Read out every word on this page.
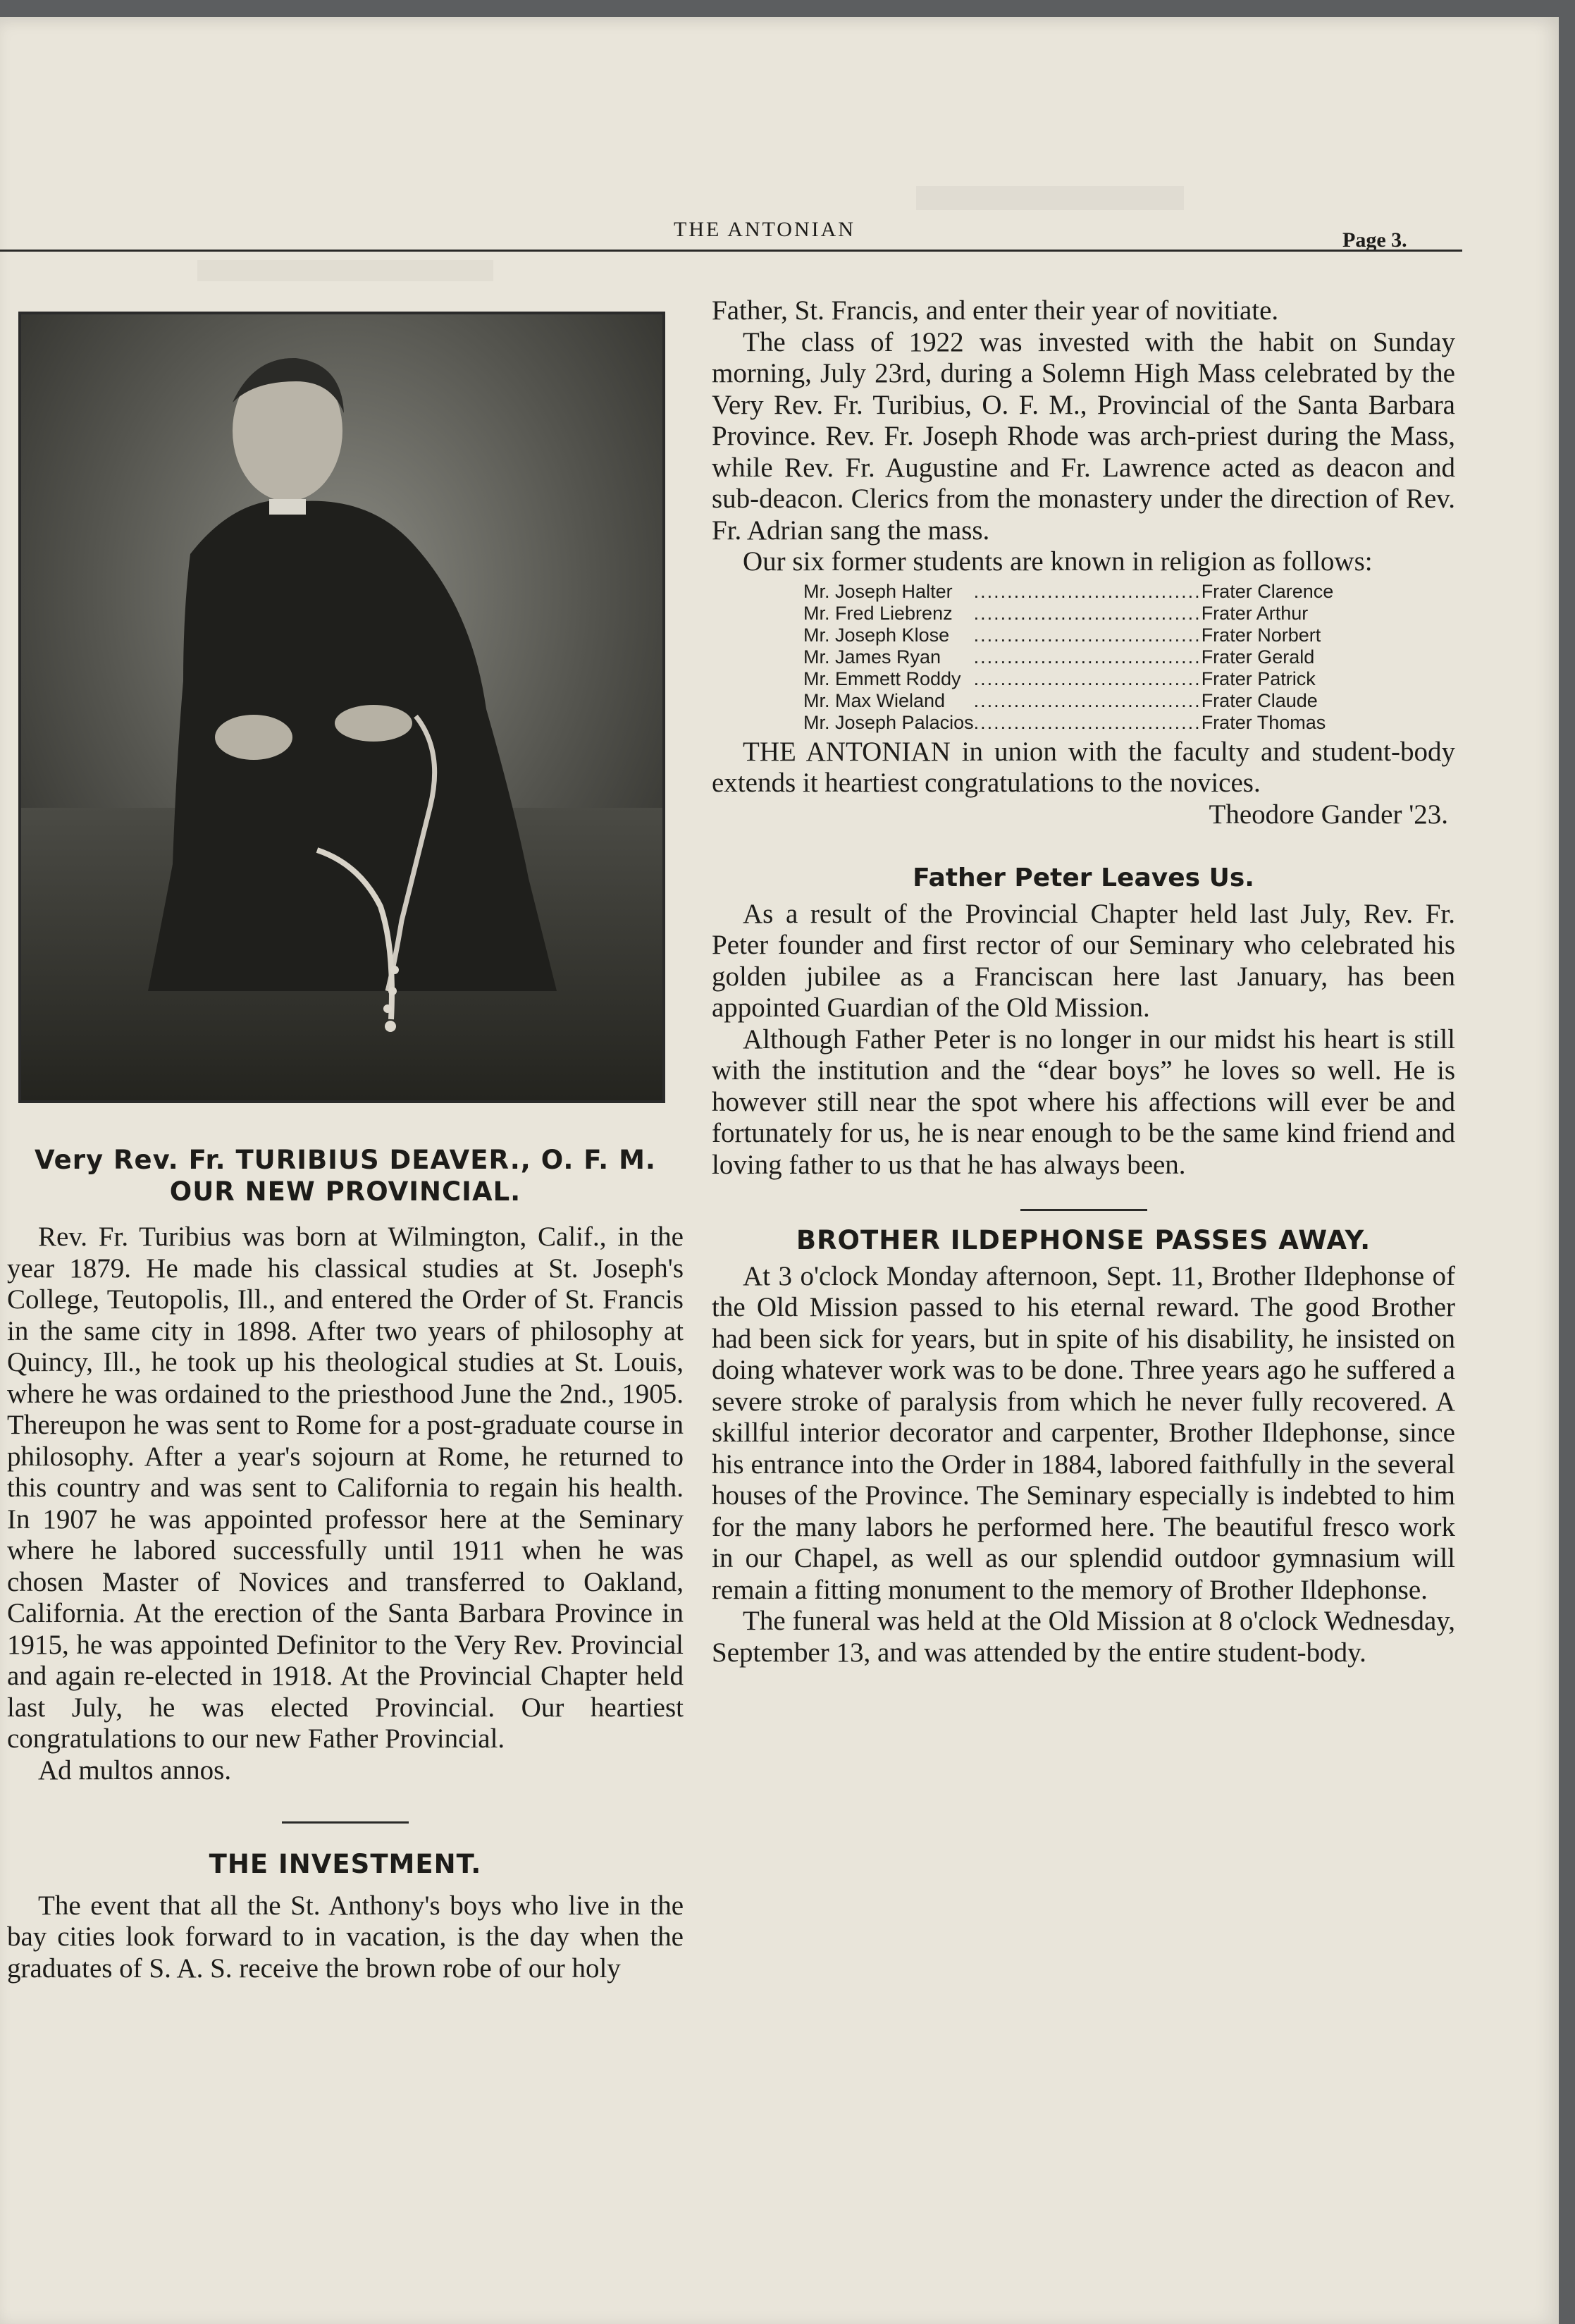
THE ANTONIAN	Page 3.
Very Rev. Fr. TURIBIUS DEAVER., O. F. M.
OUR NEW PROVINCIAL.

Rev. Fr. Turibius was born at Wilmington, Calif., in the year 1879. He made his classical studies at St. Joseph's College, Teutopolis, Ill., and entered the Order of St. Francis in the same city in 1898. After two years of philosophy at Quincy, Ill., he took up his theological studies at St. Louis, where he was ordained to the priesthood June the 2nd., 1905. Thereupon he was sent to Rome for a post-graduate course in philosophy. After a year's sojourn at Rome, he returned to this country and was sent to California to regain his health. In 1907 he was appointed professor here at the Seminary where he labored successfully until 1911 when he was chosen Master of Novices and transferred to Oakland, California. At the erection of the Santa Barbara Province in 1915, he was appointed Definitor to the Very Rev. Provincial and again re-elected in 1918. At the Provincial Chapter held last July, he was elected Provincial. Our heartiest congratulations to our new Father Provincial.

Ad multos annos.

THE INVESTMENT.

The event that all the St. Anthony's boys who live in the bay cities look forward to in vacation, is the day when the graduates of S. A. S. receive the brown robe of our holy

Father, St. Francis, and enter their year of novitiate.

The class of 1922 was invested with the habit on Sunday morning, July 23rd, during a Solemn High Mass celebrated by the Very Rev. Fr. Turibius, O. F. M., Provincial of the Santa Barbara Province. Rev. Fr. Joseph Rhode was arch-priest during the Mass, while Rev. Fr. Augustine and Fr. Lawrence acted as deacon and sub-deacon. Clerics from the monastery under the direction of Rev. Fr. Adrian sang the mass.

Our six former students are known in religion as follows:

Mr. Joseph Halter	..................................	Frater Clarence
Mr. Fred Liebrenz	..................................	Frater Arthur
Mr. Joseph Klose	..................................	Frater Norbert
Mr. James Ryan	..................................	Frater Gerald
Mr. Emmett Roddy	..................................	Frater Patrick
Mr. Max Wieland	..................................	Frater Claude
Mr. Joseph Palacios	..................................	Frater Thomas

THE ANTONIAN in union with the faculty and student-body extends it heartiest congratulations to the novices.

Theodore Gander '23.
Father Peter Leaves Us.

As a result of the Provincial Chapter held last July, Rev. Fr. Peter founder and first rector of our Seminary who celebrated his golden jubilee as a Franciscan here last January, has been appointed Guardian of the Old Mission.

Although Father Peter is no longer in our midst his heart is still with the institution and the “dear boys” he loves so well. He is however still near the spot where his affections will ever be and fortunately for us, he is near enough to be the same kind friend and loving father to us that he has always been.

BROTHER ILDEPHONSE PASSES AWAY.

At 3 o'clock Monday afternoon, Sept. 11, Brother Ildephonse of the Old Mission passed to his eternal reward. The good Brother had been sick for years, but in spite of his disability, he insisted on doing whatever work was to be done. Three years ago he suffered a severe stroke of paralysis from which he never fully recovered. A skillful interior decorator and carpenter, Brother Ildephonse, since his entrance into the Order in 1884, labored faithfully in the several houses of the Province. The Seminary especially is indebted to him for the many labors he performed here. The beautiful fresco work in our Chapel, as well as our splendid outdoor gymnasium will remain a fitting monument to the memory of Brother Ildephonse.

The funeral was held at the Old Mission at 8 o'clock Wednesday, September 13, and was attended by the entire student-body.
